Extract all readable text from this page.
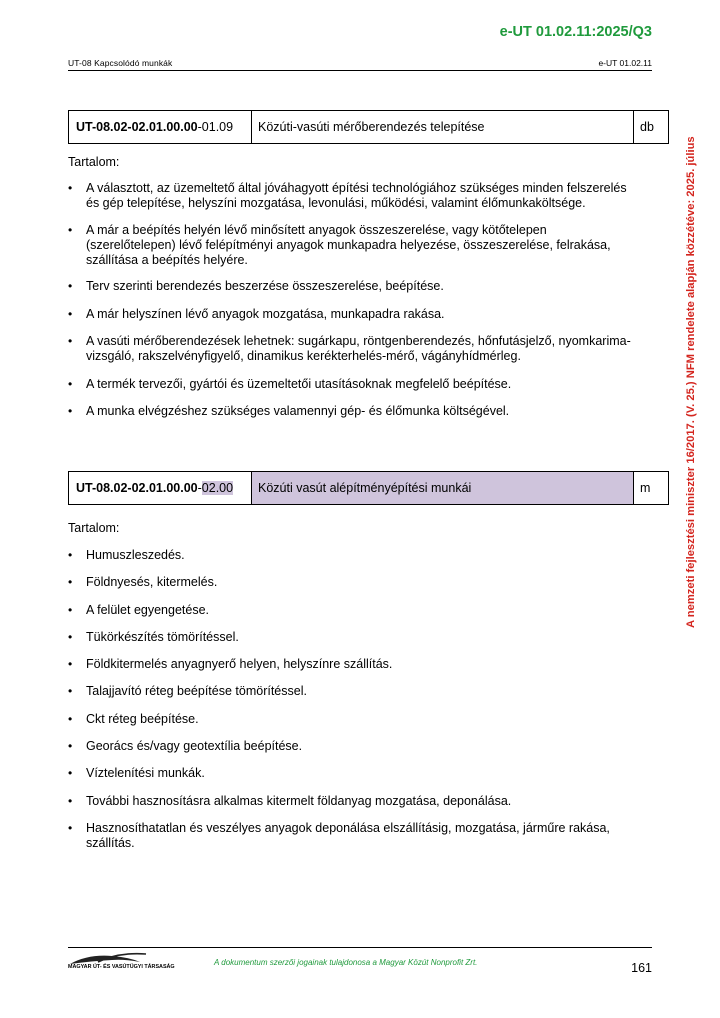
e-UT 01.02.11:2025/Q3
UT-08 Kapcsolódó munkák	e-UT 01.02.11
A nemzeti fejlesztési miniszter 16/2017. (V. 25.) NFM rendelete alapján közzétéve: 2025. július
UT-08.02-02.01.00.00 -01.09	Közúti-vasúti mérőberendezés telepítése	db
Tartalom:
• A választott, az üzemeltető által jóváhagyott építési technológiához szükséges minden felszerelés és gép telepítése, helyszíni mozgatása, levonulási, működési, valamint élőmunkaköltsége.
• A már a beépítés helyén lévő minősített anyagok összeszerelése, vagy kötőtelepen (szerelőtelepen) lévő felépítményi anyagok munkapadra helyezése, összeszerelése, felrakása, szállítása a beépítés helyére.
• Terv szerinti berendezés beszerzése összeszerelése, beépítése.
• A már helyszínen lévő anyagok mozgatása, munkapadra rakása.
• A vasúti mérőberendezések lehetnek: sugárkapu, röntgenberendezés, hőnfutásjelző, nyomkarima-vizsgáló, rakszelvényfigyelő, dinamikus kerékterhelés-mérő, vágányhídmérleg.
• A termék tervezői, gyártói és üzemeltetői utasításoknak megfelelő beépítése.
• A munka elvégzéshez szükséges valamennyi gép- és élőmunka költségével.
UT-08.02-02.01.00.00 - 02.00	Közúti vasút alépítményépítési munkái	m
Tartalom:
• Humuszleszedés.
• Földnyesés, kitermelés.
• A felület egyengetése.
• Tükörkészítés tömörítéssel.
• Földkitermelés anyagnyerő helyen, helyszínre szállítás.
• Talajjavító réteg beépítése tömörítéssel.
• Ckt réteg beépítése.
• Georács és/vagy geotextília beépítése.
• Víztelenítési munkák.
• További hasznosításra alkalmas kitermelt földanyag mozgatása, deponálása.
• Hasznosíthatatlan és veszélyes anyagok deponálása elszállításig, mozgatása, járműre rakása, szállítás.
MAGYAR ÚT- ÉS VASÚTÜGYI TÁRSASÁG	A dokumentum szerzői jogainak tulajdonosa a Magyar Közút Nonprofit Zrt.	161
